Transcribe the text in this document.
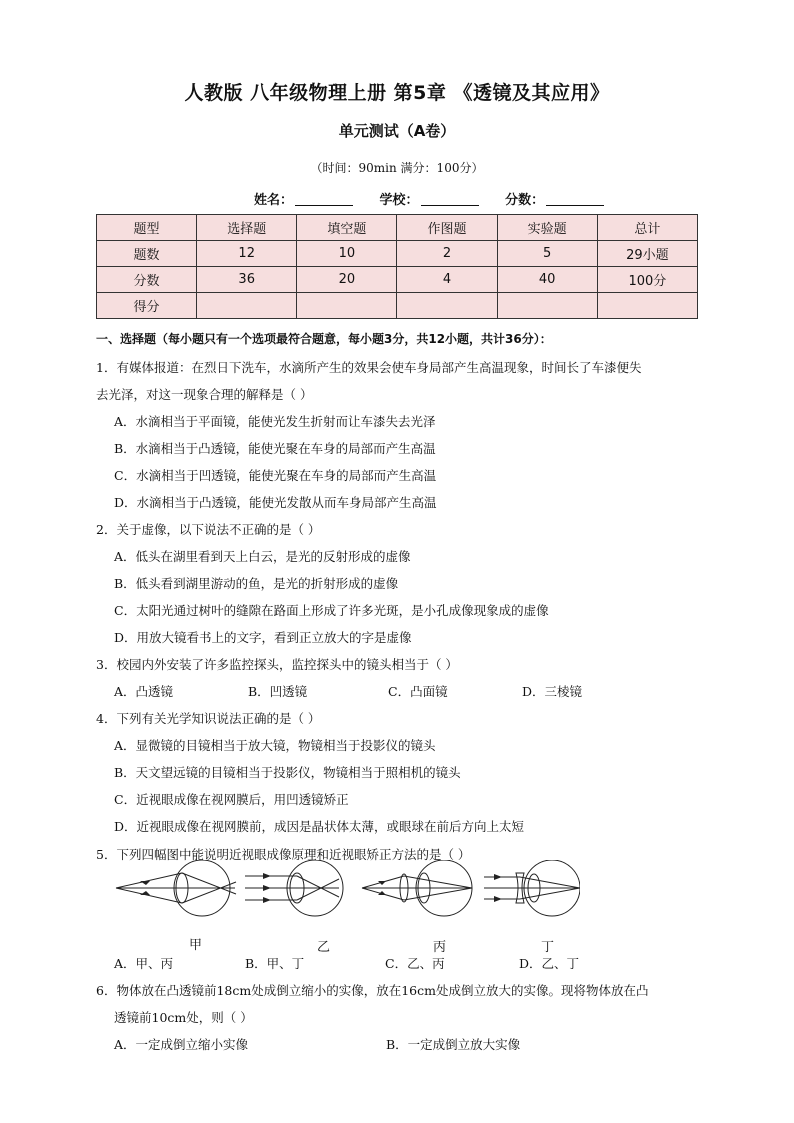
人教版 八年级物理上册 第5章 《透镜及其应用》
单元测试（A卷）
（时间：90min 满分：100分）
姓名：	学校：	分数：
题型	选择题	填空题	作图题	实验题	总计
题数	12	10	2	5	29小题
分数	36	20	4	40	100分
得分					
一、选择题（每小题只有一个选项最符合题意，每小题3分，共12小题，共计36分）：
1．有媒体报道：在烈日下洗车，水滴所产生的效果会使车身局部产生高温现象，时间长了车漆便失
去光泽，对这一现象合理的解释是（ ）
A．水滴相当于平面镜，能使光发生折射而让车漆失去光泽
B．水滴相当于凸透镜，能使光聚在车身的局部而产生高温
C．水滴相当于凹透镜，能使光聚在车身的局部而产生高温
D．水滴相当于凸透镜，能使光发散从而车身局部产生高温
2．关于虚像，以下说法不正确的是（ ）
A．低头在湖里看到天上白云，是光的反射形成的虚像
B．低头看到湖里游动的鱼，是光的折射形成的虚像
C．太阳光通过树叶的缝隙在路面上形成了许多光斑，是小孔成像现象成的虚像
D．用放大镜看书上的文字，看到正立放大的字是虚像
3．校园内外安装了许多监控探头，监控探头中的镜头相当于（ ）
A．凸透镜	B．凹透镜	C．凸面镜	D．三棱镜
4．下列有关光学知识说法正确的是（ ）
A．显微镜的目镜相当于放大镜，物镜相当于投影仪的镜头
B．天文望远镜的目镜相当于投影仪，物镜相当于照相机的镜头
C．近视眼成像在视网膜后，用凹透镜矫正
D．近视眼成像在视网膜前，成因是晶状体太薄，或眼球在前后方向上太短
5．下列四幅图中能说明近视眼成像原理和近视眼矫正方法的是（ ）
甲	乙	丙	丁
A．甲、丙	B．甲、丁	C．乙、丙	D．乙、丁
6．物体放在凸透镜前18cm处成倒立缩小的实像，放在16cm处成倒立放大的实像。现将物体放在凸
透镜前10cm处，则（ ）
A．一定成倒立缩小实像	B．一定成倒立放大实像
